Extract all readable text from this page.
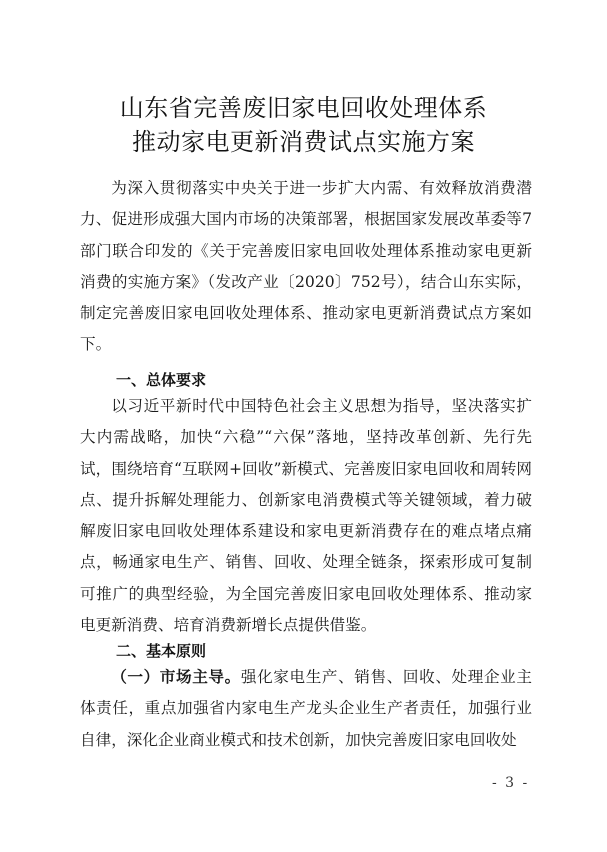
山东省完善废旧家电回收处理体系
推动家电更新消费试点实施方案
为深入贯彻落实中央关于进一步扩大内需、有效释放消费潜力、促进形成强大国内市场的决策部署，根据国家发展改革委等7部门联合印发的《关于完善废旧家电回收处理体系推动家电更新消费的实施方案》（发改产业〔2020〕752号），结合山东实际，制定完善废旧家电回收处理体系、推动家电更新消费试点方案如下。
一、总体要求
以习近平新时代中国特色社会主义思想为指导，坚决落实扩大内需战略，加快“六稳”“六保”落地，坚持改革创新、先行先试，围绕培育“互联网+回收”新模式、完善废旧家电回收和周转网点、提升拆解处理能力、创新家电消费模式等关键领域，着力破解废旧家电回收处理体系建设和家电更新消费存在的难点堵点痛点，畅通家电生产、销售、回收、处理全链条，探索形成可复制可推广的典型经验，为全国完善废旧家电回收处理体系、推动家电更新消费、培育消费新增长点提供借鉴。
二、基本原则
（一）市场主导。强化家电生产、销售、回收、处理企业主体责任，重点加强省内家电生产龙头企业生产者责任，加强行业自律，深化企业商业模式和技术创新，加快完善废旧家电回收处
- 3 -
